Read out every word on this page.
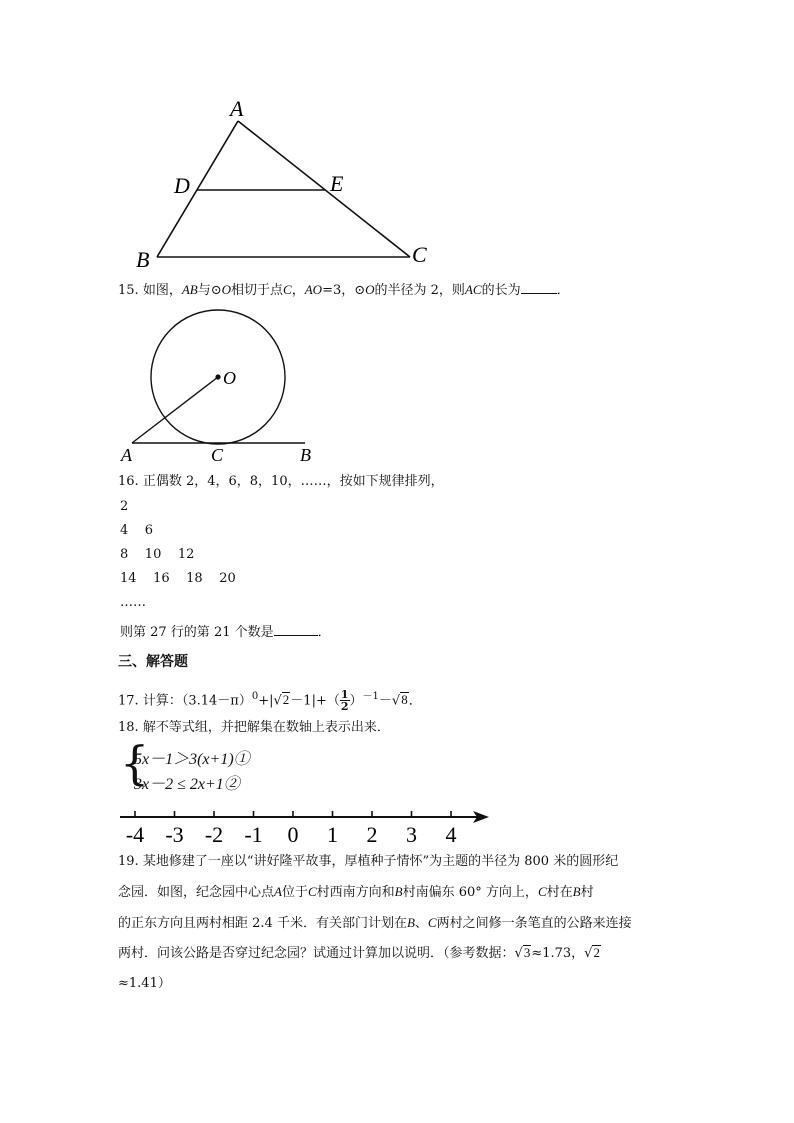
A
D	E
B	C
15. 如图，AB与⊙O相切于点C，AO=3，⊙O的半径为 2，则AC的长为	．
O
A	C	B
16. 正偶数 2，4，6，8，10，……，按如下规律排列，
2
4    6
8    10    12
14    16    18    20
……
则第 27 行的第 21 个数是	．
三、解答题
17. 计算：$(3.14-\pi)^0+|√2-1|+( \frac{1}{2} )^{-1}-√8$．
18. 解不等式组，并把解集在数轴上表示出来．
{
5x－1＞3(x+1)①
3x－2 ≤ 2x+1②
-4 -3 -2 -1 0 1 2 3 4
19. 某地修建了一座以“讲好隆平故事，厚植种子情怀”为主题的半径为 800 米的圆形纪
念园．如图，纪念园中心点A位于C村西南方向和B村南偏东 60° 方向上，C村在B村
的正东方向且两村相距 2.4 千米．有关部门计划在B、C两村之间修一条笔直的公路来连接
两村．问该公路是否穿过纪念园？试通过计算加以说明．（参考数据：√3≈1.73，√2
≈1.41）
